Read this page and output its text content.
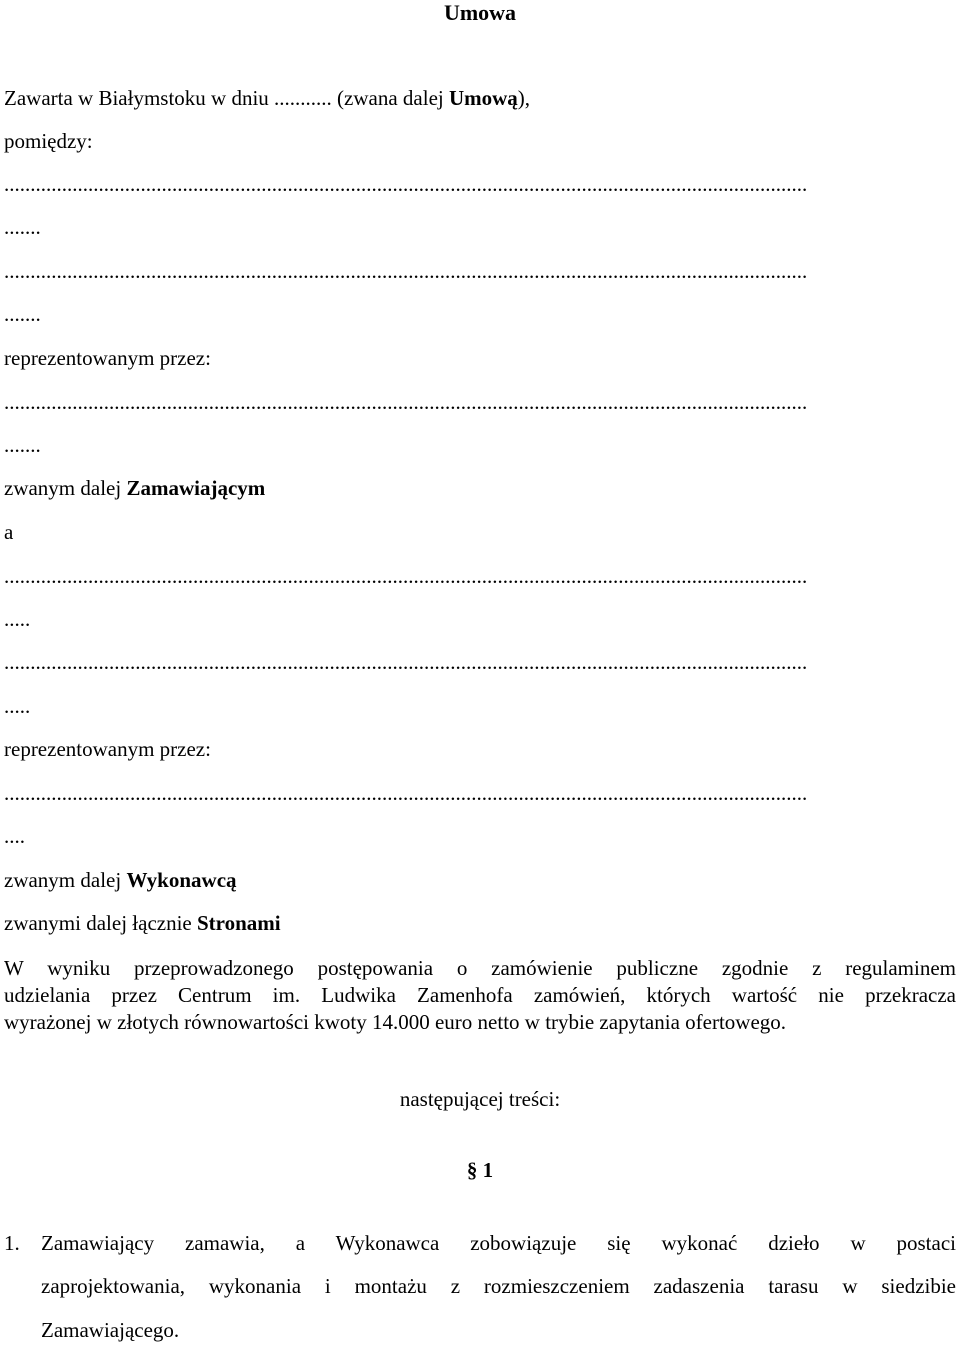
Umowa
Zawarta w Białymstoku w dniu ........... (zwana dalej Umową),
pomiędzy:
.........................................................................................................................................................
.......
.........................................................................................................................................................
.......
reprezentowanym przez:
.........................................................................................................................................................
.......
zwanym dalej Zamawiającym
a
.........................................................................................................................................................
.....
.........................................................................................................................................................
.....
reprezentowanym przez:
.........................................................................................................................................................
....
zwanym dalej Wykonawcą
zwanymi dalej łącznie Stronami
W wyniku przeprowadzonego postępowania o zamówienie publiczne zgodnie z regulaminem
udzielania przez Centrum im. Ludwika Zamenhofa zamówień, których wartość nie przekracza
wyrażonej w złotych równowartości kwoty 14.000 euro netto w trybie zapytania ofertowego.
następującej treści:
§ 1
1. Zamawiający zamawia, a Wykonawca zobowiązuje się wykonać dzieło w postaci
zaprojektowania, wykonania i montażu z rozmieszczeniem zadaszenia tarasu w siedzibie
Zamawiającego.
